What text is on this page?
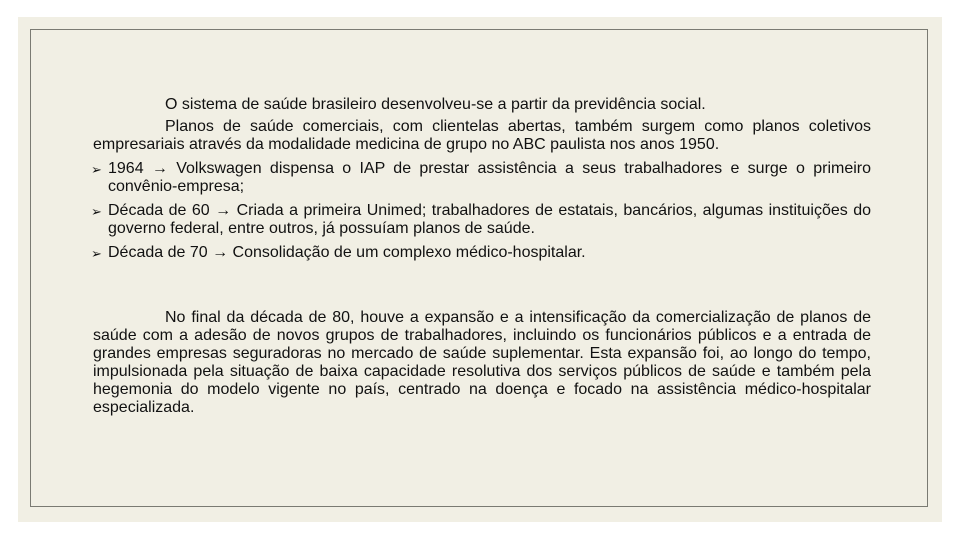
O sistema de saúde brasileiro desenvolveu-se a partir da previdência social.

Planos de saúde comerciais, com clientelas abertas, também surgem como planos coletivos empresariais através da modalidade medicina de grupo no ABC paulista nos anos 1950.

➢ 1964 → Volkswagen dispensa o IAP de prestar assistência a seus trabalhadores e surge o primeiro convênio-empresa;
➢ Década de 60 → Criada a primeira Unimed; trabalhadores de estatais, bancários, algumas instituições do governo federal, entre outros, já possuíam planos de saúde.
➢ Década de 70 → Consolidação de um complexo médico-hospitalar.

No final da década de 80, houve a expansão e a intensificação da comercialização de planos de saúde com a adesão de novos grupos de trabalhadores, incluindo os funcionários públicos e a entrada de grandes empresas seguradoras no mercado de saúde suplementar. Esta expansão foi, ao longo do tempo, impulsionada pela situação de baixa capacidade resolutiva dos serviços públicos de saúde e também pela hegemonia do modelo vigente no país, centrado na doença e focado na assistência médico-hospitalar especializada.
